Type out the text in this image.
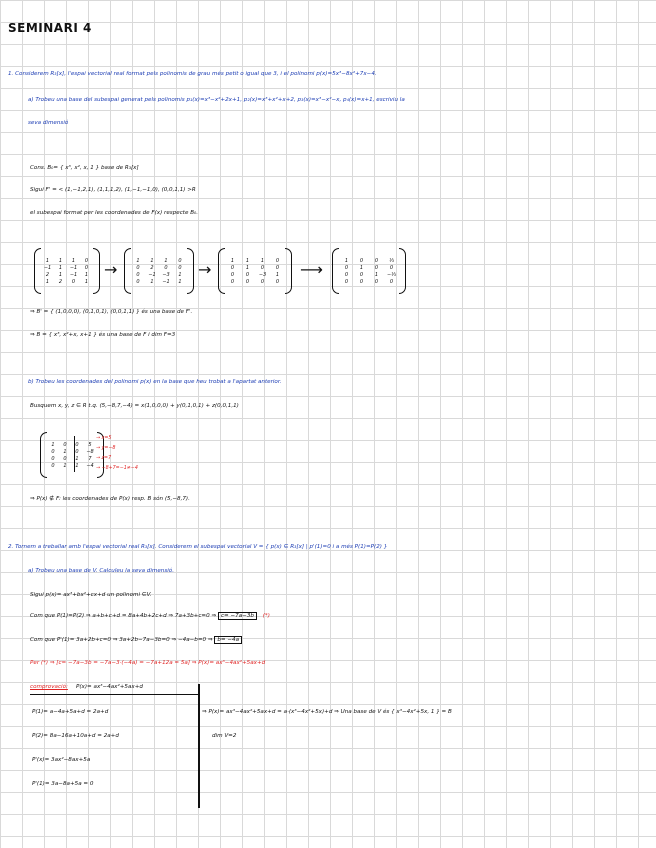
SEMINARI 4
1. Considerem R₃[x], l'espai vectorial real format pels polinomis de grau més petit o igual que 3, i el polinomi p(x)=5x³−8x²+7x−4.
a) Trobeu una base del subespai generat pels polinomis p₁(x)=x³−x²+2x+1, p₂(x)=x³+x²+x+2, p₃(x)=x³−x²−x, p₄(x)=x+1, escriviu la
seva dimensió
Cons. B₀= { x³, x², x, 1 } base de R₃[x]
Sigui F' = < (1,−1,2,1), (1,1,1,2), (1,−1,−1,0), (0,0,1,1) >R
el subespai format per les coordenades de F(x) respecte B₀.
1	1	1	0
−1	1	−1	0
2	1	−1	1
1	2	0	1
→	1	1	1	0
0	2	0	0
0	−1 −3	1
0	1	−1	1
→	1	1	1	0
0	1	0	0
0	0	−3	1
0	0	0	0
⟶	1	0	0	⅓
0	1	0	0
0	0	1	−⅓
0	0	0	0
⇒ B' = { (1,0,0,0), (0,1,0,1), (0,0,1,1) } és una base de F'.
⇒ B = { x³, x²+x, x+1 } és una base de F i dim F=3
b) Trobeu les coordenades del polinomi p(x) en la base que heu trobat a l'apartat anterior.
Busquem x, y, z ∈ R t.q. (5,−8,7,−4) = x(1,0,0,0) + y(0,1,0,1) + z(0,0,1,1)
1	0	0	5
0	1	0	−8
0	0	1	7
0	1	1	−4
→ x=5
→ y=−8
→ z=7
→ −8+7=−1≠−4
⇒ P(x) ∉ F: les coordenades de P(x) resp. B són (5,−8,7).
2. Tornem a treballar amb l'espai vectorial real R₃[x]. Considerem el subespai vectorial V = { p(x) ∈ R₃[x] | p'(1)=0 i a més P(1)=P(2) }
a) Trobeu una base de V. Calculeu la seva dimensió.
Sigui p(x)= ax³+bx²+cx+d un polinomi ∈V.
Com que P(1)=P(2) ⇒ a+b+c+d = 8a+4b+2c+d ⇒ 7a+3b+c=0 ⇒ c= −7a−3b (*)
Com que P'(1)= 3a+2b+c=0 ⇒ 3a+2b−7a−3b=0 ⇒ −4a−b=0 ⇒ b= −4a
Per (*) ⇒ [c= −7a−3b = −7a−3·(−4a) = −7a+12a = 5a] ⇒ P(x)= ax³−4ax²+5ax+d
comprovació: P(x)= ax³−4ax²+5ax+d
P(1)= a−4a+5a+d = 2a+d
P(2)= 8a−16a+10a+d = 2a+d
P'(x)= 3ax²−8ax+5a
P'(1)= 3a−8a+5a = 0
⇒ P(x)= ax³−4ax²+5ax+d = a·(x³−4x²+5x)+d ⇒ Una base de V és { x³−4x²+5x, 1 } = B
dim V=2
